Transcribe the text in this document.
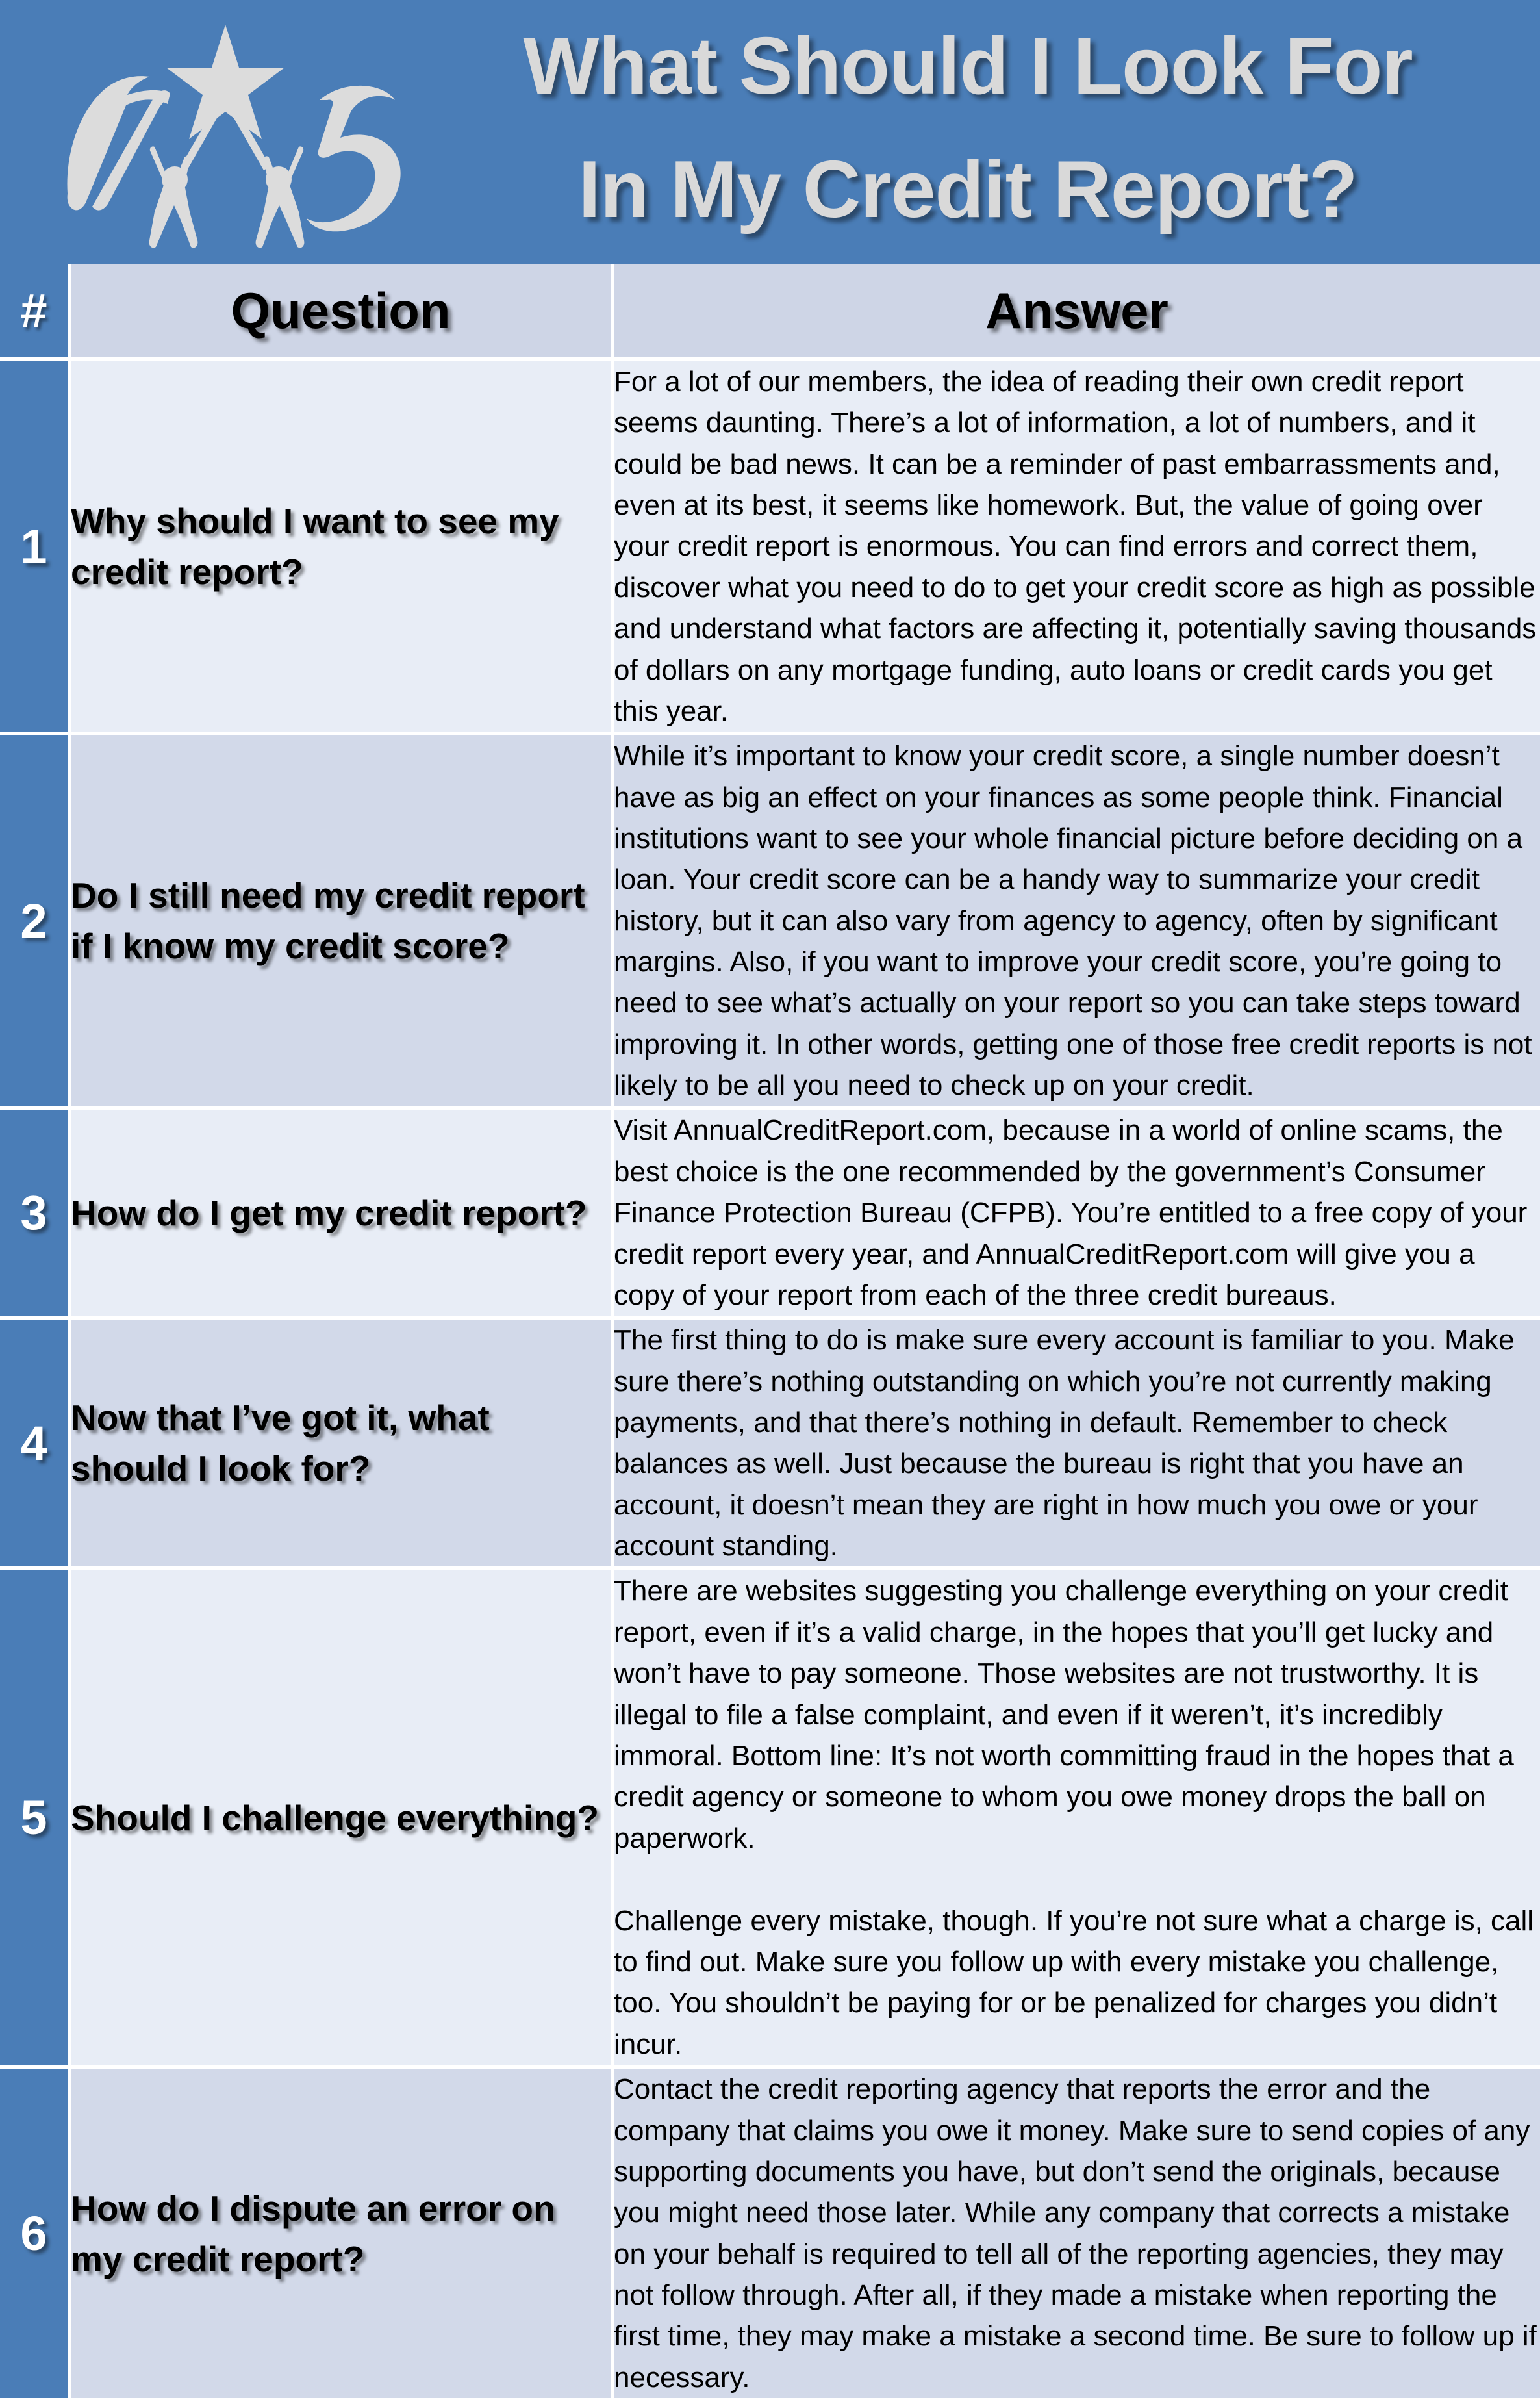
What Should I Look For
In My Credit Report?
#	Question	Answer
1	Why should I want to see my credit report?	For a lot of our members, the idea of reading their own credit report seems daunting. There’s a lot of information, a lot of numbers, and it could be bad news. It can be a reminder of past embarrassments and, even at its best, it seems like homework. But, the value of going over your credit report is enormous. You can find errors and correct them, discover what you need to do to get your credit score as high as possible and understand what factors are affecting it, potentially saving thousands of dollars on any mortgage funding, auto loans or credit cards you get this year.

2	Do I still need my credit report if I know my credit score?	While it’s important to know your credit score, a single number doesn’t have as big an effect on your finances as some people think. Financial institutions want to see your whole financial picture before deciding on a loan. Your credit score can be a handy way to summarize your credit history, but it can also vary from agency to agency, often by significant margins. Also, if you want to improve your credit score, you’re going to need to see what’s actually on your report so you can take steps toward improving it. In other words, getting one of those free credit reports is not likely to be all you need to check up on your credit.

3	How do I get my credit report?	Visit AnnualCreditReport.com, because in a world of online scams, the best choice is the one recommended by the government’s Consumer Finance Protection Bureau (CFPB). You’re entitled to a free copy of your credit report every year, and AnnualCreditReport.com will give you a copy of your report from each of the three credit bureaus.

4	Now that I’ve got it, what should I look for?	The first thing to do is make sure every account is familiar to you. Make sure there’s nothing outstanding on which you’re not currently making payments, and that there’s nothing in default. Remember to check balances as well. Just because the bureau is right that you have an account, it doesn’t mean they are right in how much you owe or your account standing.

5	Should I challenge everything?	There are websites suggesting you challenge everything on your credit report, even if it’s a valid charge, in the hopes that you’ll get lucky and won’t have to pay someone. Those websites are not trustworthy. It is illegal to file a false complaint, and even if it weren’t, it’s incredibly immoral. Bottom line: It’s not worth committing fraud in the hopes that a credit agency or someone to whom you owe money drops the ball on paperwork.

Challenge every mistake, though. If you’re not sure what a charge is, call to find out. Make sure you follow up with every mistake you challenge, too. You shouldn’t be paying for or be penalized for charges you didn’t incur.

6	How do I dispute an error on my credit report?	Contact the credit reporting agency that reports the error and the company that claims you owe it money. Make sure to send copies of any supporting documents you have, but don’t send the originals, because you might need those later. While any company that corrects a mistake on your behalf is required to tell all of the reporting agencies, they may not follow through. After all, if they made a mistake when reporting the first time, they may make a mistake a second time. Be sure to follow up if necessary.
